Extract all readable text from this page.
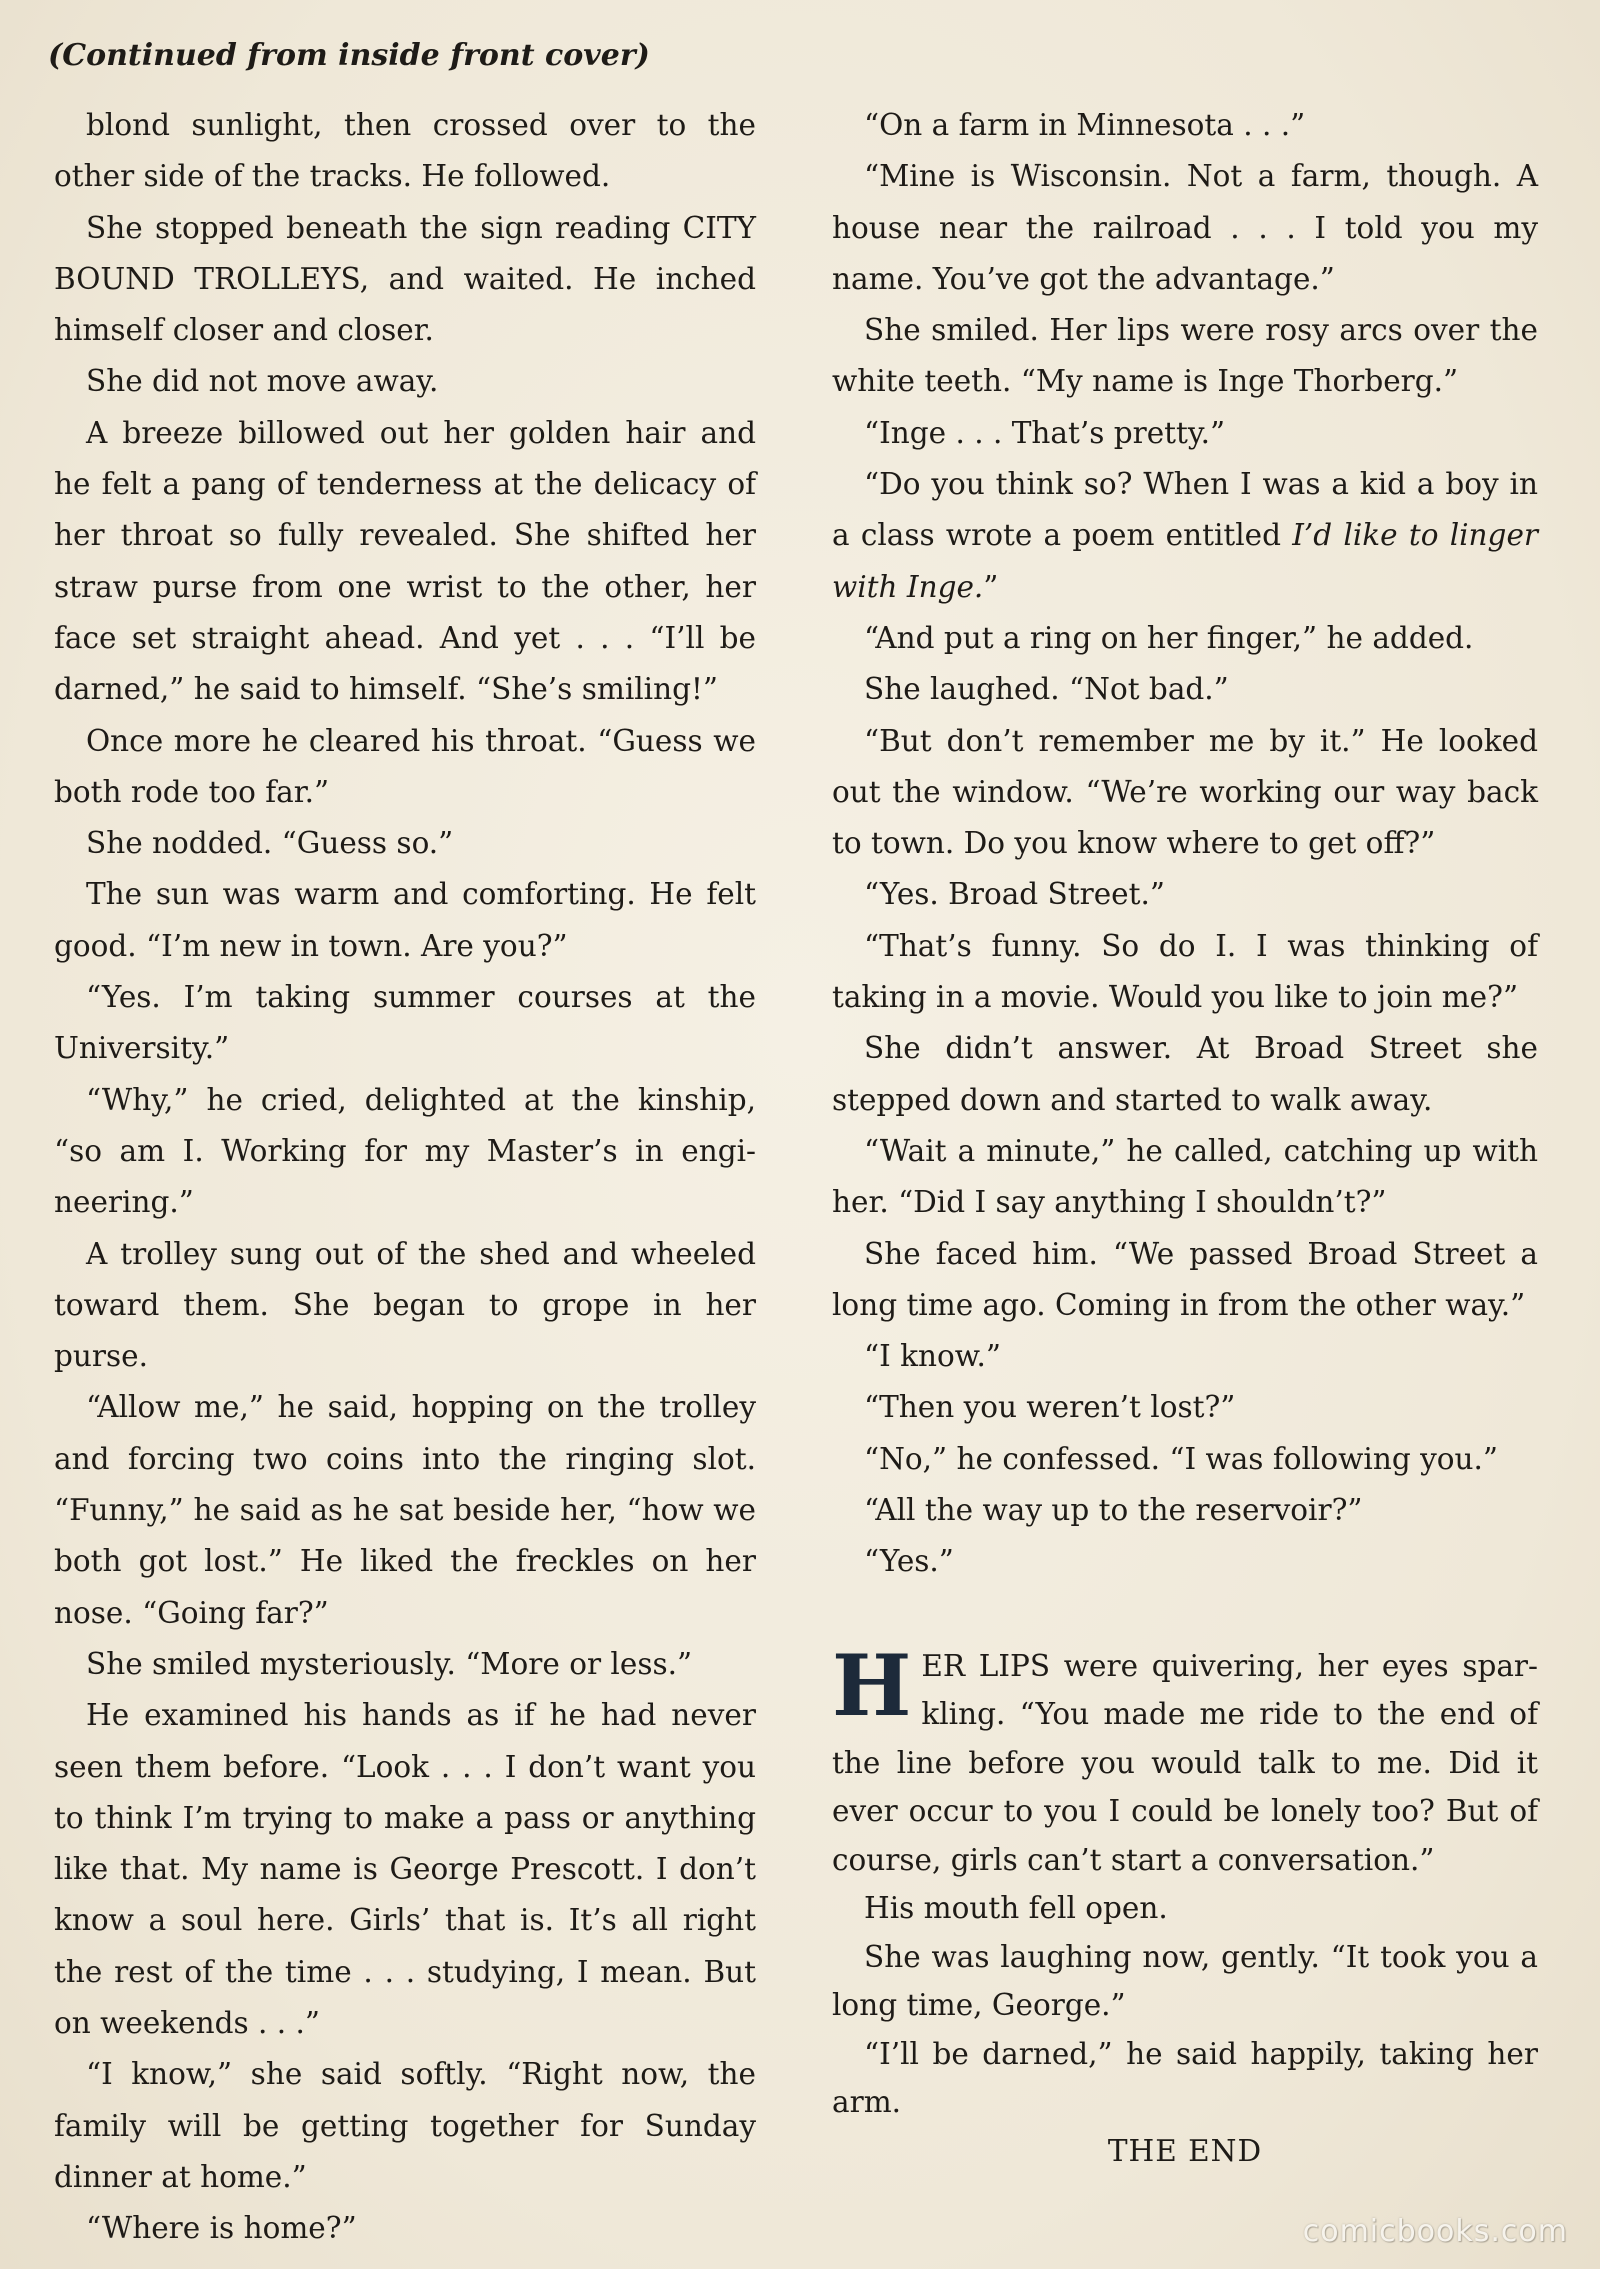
(Continued from inside front cover)

blond sunlight, then crossed over to the other side of the tracks. He followed.

She stopped beneath the sign reading CITY BOUND TROLLEYS, and waited. He inched himself closer and closer.

She did not move away.

A breeze billowed out her golden hair and he felt a pang of tenderness at the delicacy of her throat so fully revealed. She shifted her straw purse from one wrist to the other, her face set straight ahead. And yet . . . “I’ll be darned,” he said to himself. “She’s smiling!”

Once more he cleared his throat. “Guess we both rode too far.”

She nodded. “Guess so.”

The sun was warm and comforting. He felt good. “I’m new in town. Are you?”

“Yes. I’m taking summer courses at the University.”

“Why,” he cried, delighted at the kinship, “so am I. Working for my Master’s in engi-neering.”

A trolley sung out of the shed and wheeled toward them. She began to grope in her purse.

“Allow me,” he said, hopping on the trolley and forcing two coins into the ringing slot. “Funny,” he said as he sat beside her, “how we both got lost.” He liked the freckles on her nose. “Going far?”

She smiled mysteriously. “More or less.”

He examined his hands as if he had never seen them before. “Look . . . I don’t want you to think I’m trying to make a pass or anything like that. My name is George Prescott. I don’t know a soul here. Girls’ that is. It’s all right the rest of the time . . . studying, I mean. But on weekends . . .”

“I know,” she said softly. “Right now, the family will be getting together for Sunday dinner at home.”

“Where is home?”

“On a farm in Minnesota . . .”

“Mine is Wisconsin. Not a farm, though. A house near the railroad . . . I told you my name. You’ve got the advantage.”

She smiled. Her lips were rosy arcs over the white teeth. “My name is Inge Thorberg.”

“Inge . . . That’s pretty.”

“Do you think so? When I was a kid a boy in a class wrote a poem entitled I’d like to linger with Inge.”

“And put a ring on her finger,” he added.

She laughed. “Not bad.”

“But don’t remember me by it.” He looked out the window. “We’re working our way back to town. Do you know where to get off?”

“Yes. Broad Street.”

“That’s funny. So do I. I was thinking of taking in a movie. Would you like to join me?”

She didn’t answer. At Broad Street she stepped down and started to walk away.

“Wait a minute,” he called, catching up with her. “Did I say anything I shouldn’t?”

She faced him. “We passed Broad Street a long time ago. Coming in from the other way.”

“I know.”

“Then you weren’t lost?”

“No,” he confessed. “I was following you.”

“All the way up to the reservoir?”

“Yes.”

HER LIPS were quivering, her eyes spar-kling. “You made me ride to the end of the line before you would talk to me. Did it ever occur to you I could be lonely too? But of course, girls can’t start a conversation.”

His mouth fell open.

She was laughing now, gently. “It took you a long time, George.”

“I’ll be darned,” he said happily, taking her arm.

THE END

comicbooks.com
